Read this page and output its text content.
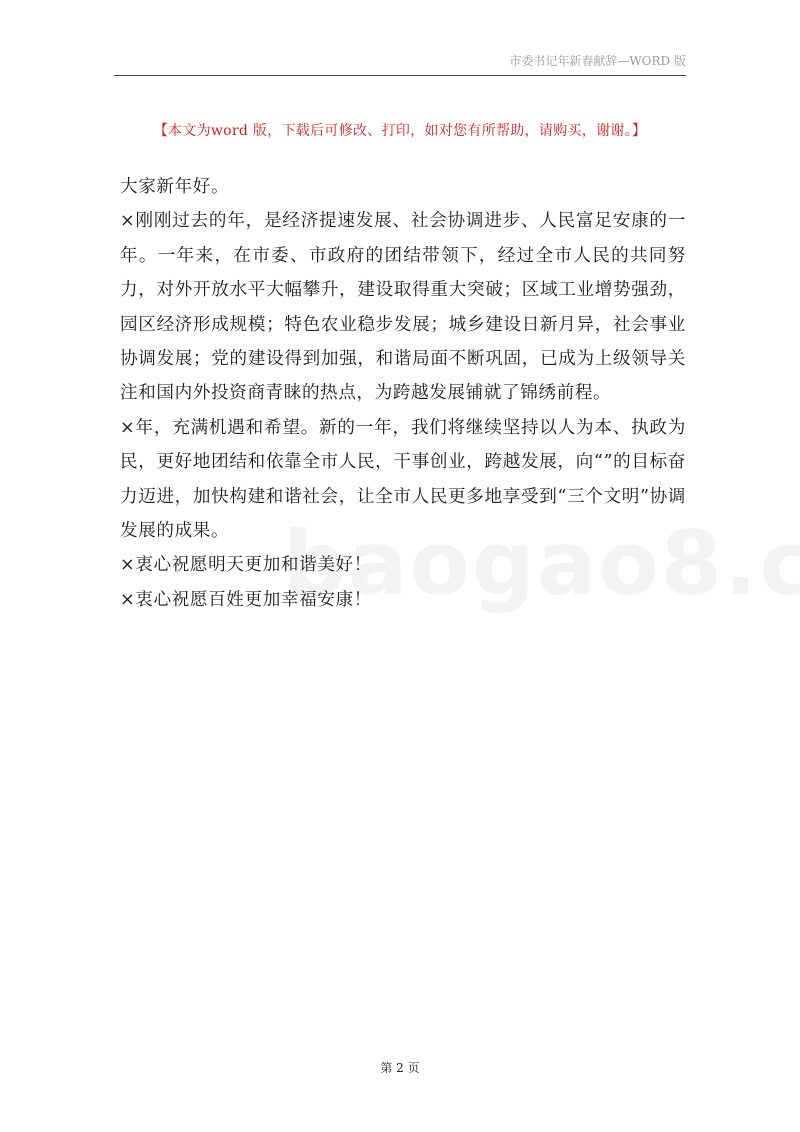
市委书记年新春献辞—WORD 版
【本文为word 版，下载后可修改、打印，如对您有所帮助，请购买，谢谢。】

大家新年好。

×刚刚过去的年，是经济提速发展、社会协调进步、人民富足安康的一年。一年来，在市委、市政府的团结带领下，经过全市人民的共同努力，对外开放水平大幅攀升，建设取得重大突破；区域工业增势强劲，园区经济形成规模；特色农业稳步发展；城乡建设日新月异，社会事业协调发展；党的建设得到加强，和谐局面不断巩固，已成为上级领导关注和国内外投资商青睐的热点，为跨越发展铺就了锦绣前程。

×年，充满机遇和希望。新的一年，我们将继续坚持以人为本、执政为民，更好地团结和依靠全市人民，干事创业，跨越发展，向“”的目标奋力迈进，加快构建和谐社会，让全市人民更多地享受到“三个文明”协调发展的成果。

×衷心祝愿明天更加和谐美好！

×衷心祝愿百姓更加幸福安康！

第 2 页
